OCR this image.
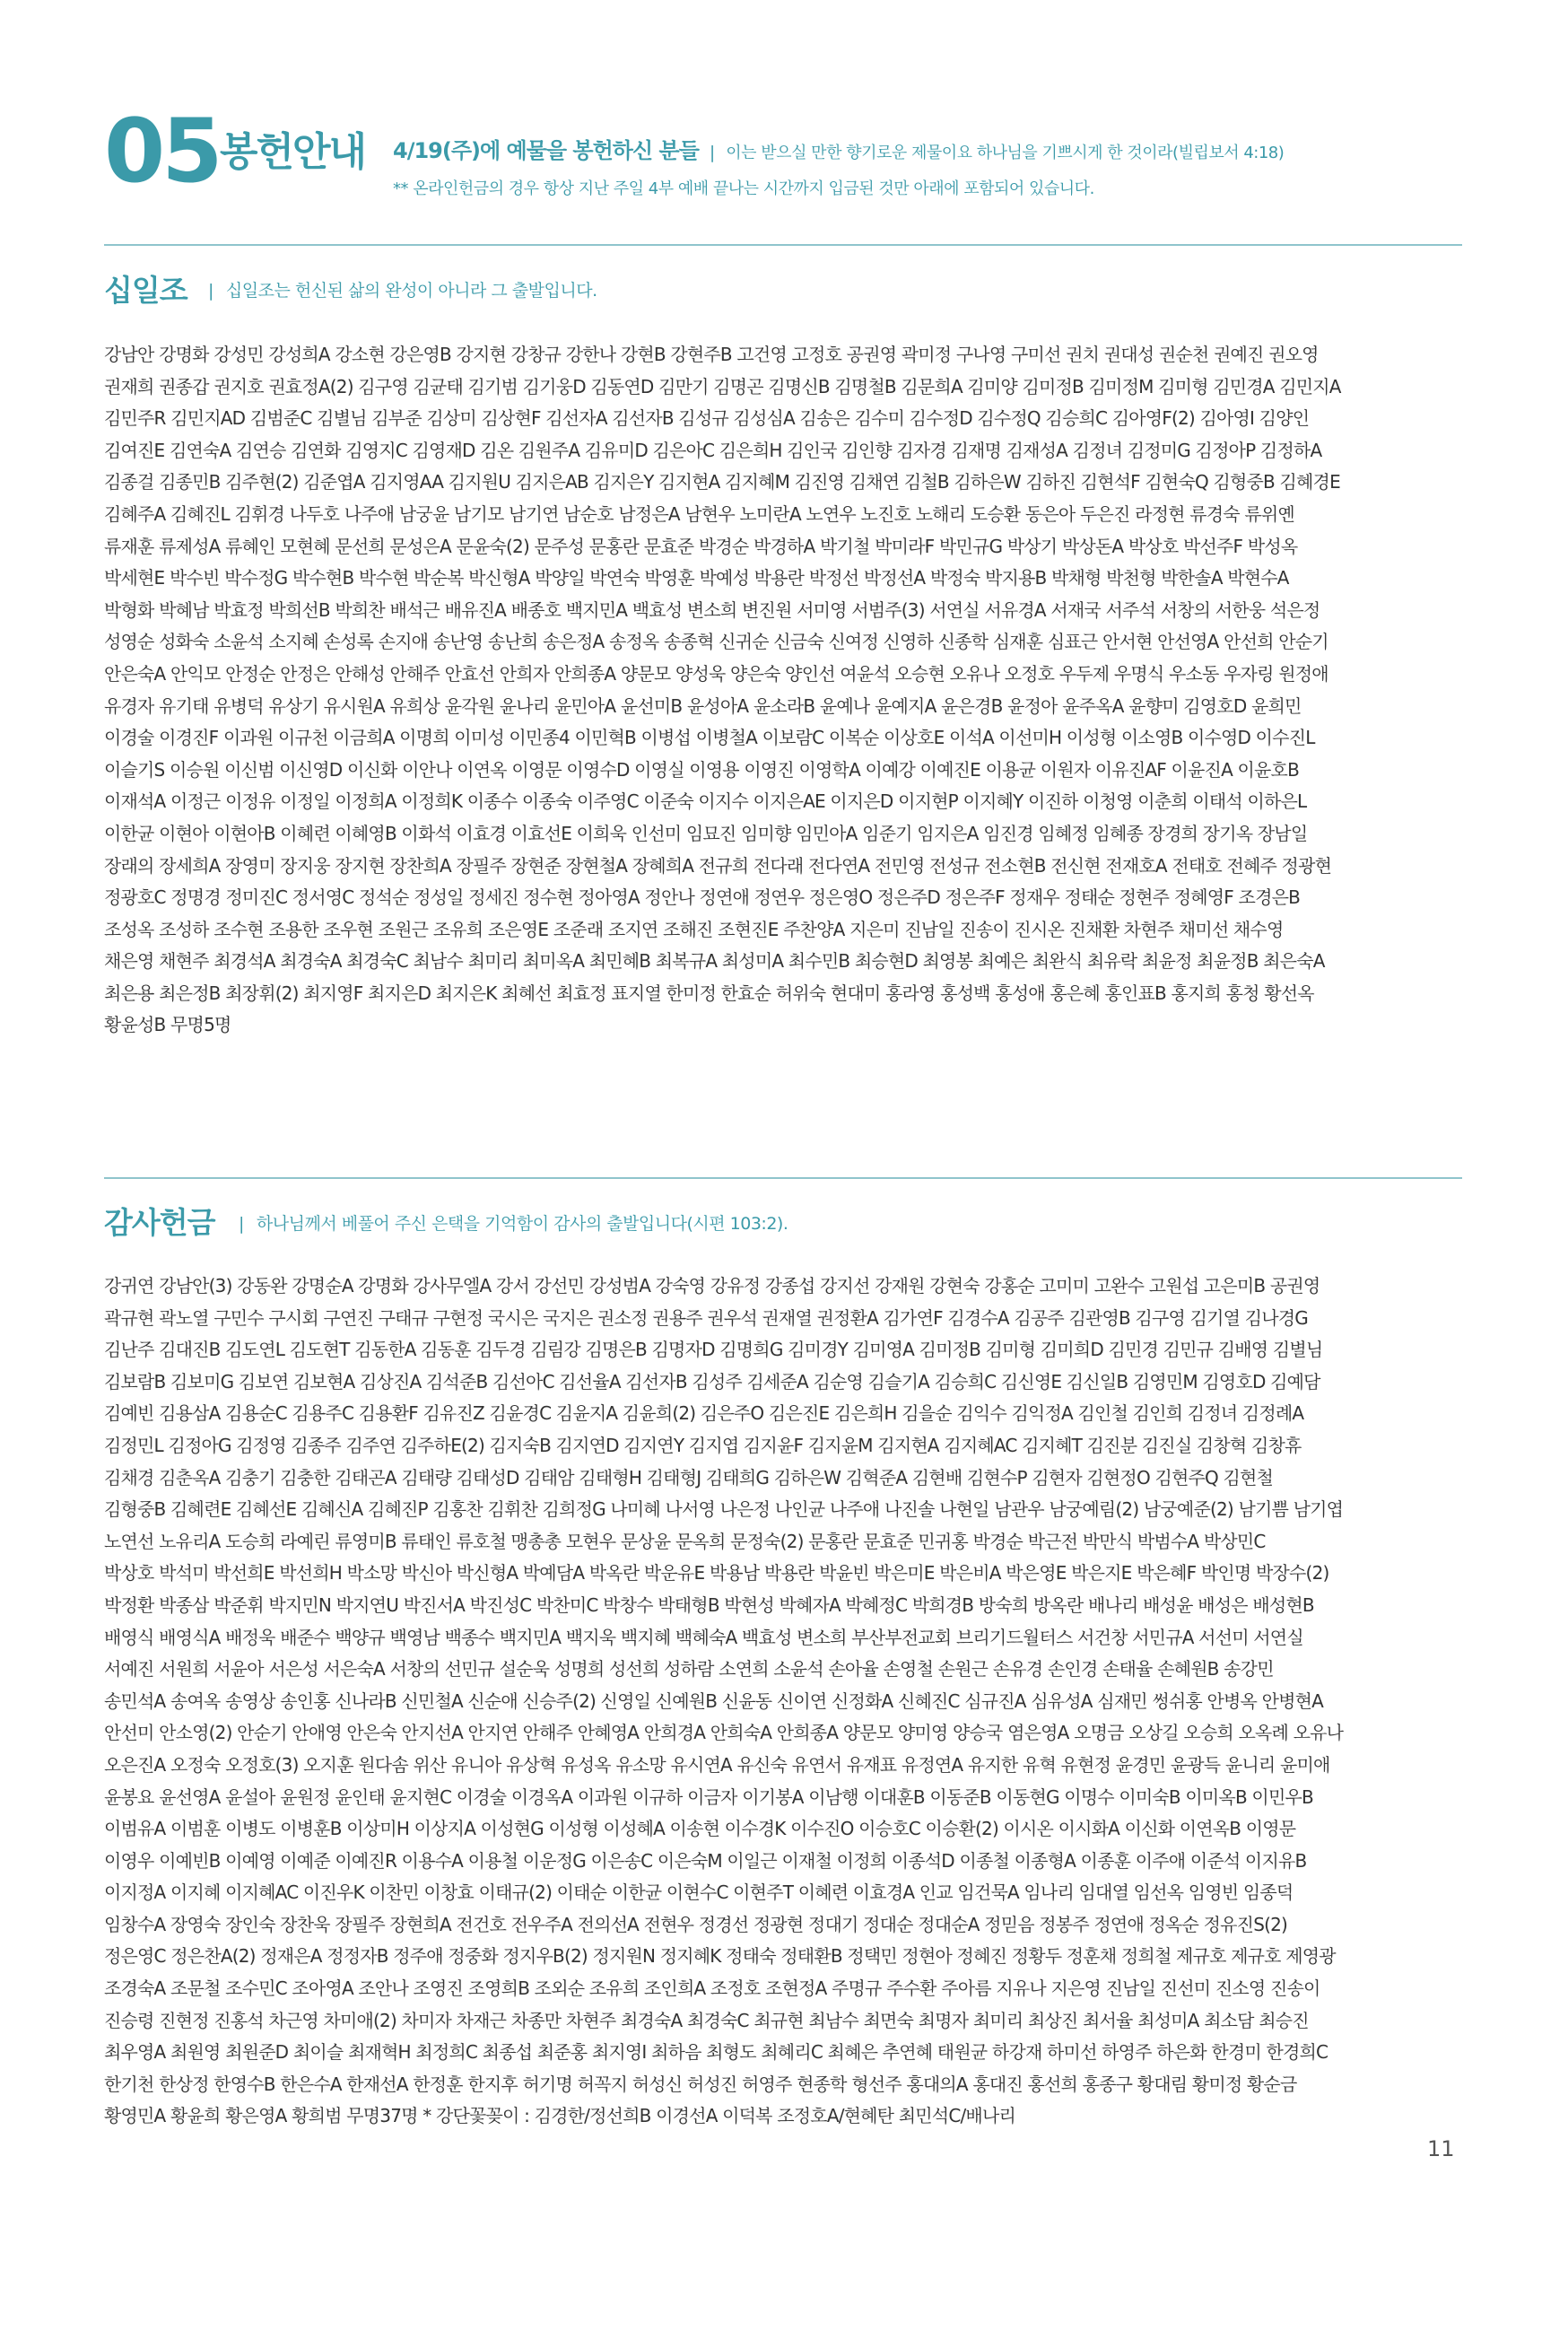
05 봉헌안내 4/19(주)에 예물을 봉헌하신 분들 | 이는 받으실 만한 향기로운 제물이요 하나님을 기쁘시게 한 것이라(빌립보서 4:18)
** 온라인헌금의 경우 항상 지난 주일 4부 예배 끝나는 시간까지 입금된 것만 아래에 포함되어 있습니다.
십일조 | 십일조는 헌신된 삶의 완성이 아니라 그 출발입니다.
강남안 강명화 강성민 강성희A 강소현 강은영B 강지현 강창규 강한나 강현B 강현주B 고건영 고정호 공권영 곽미정 구나영 구미선 권치 권대성 권순천 권예진 권오영
권재희 권종갑 권지호 권효정A(2) 김구영 김균태 김기범 김기웅D 김동연D 김만기 김명곤 김명신B 김명철B 김문희A 김미양 김미정B 김미정M 김미형 김민경A 김민지A
김민주R 김민지AD 김범준C 김별님 김부준 김상미 김상현F 김선자A 김선자B 김성규 김성심A 김송은 김수미 김수정D 김수정Q 김승희C 김아영F(2) 김아영I 김양인
김여진E 김연숙A 김연승 김연화 김영지C 김영재D 김온 김원주A 김유미D 김은아C 김은희H 김인국 김인향 김자경 김재명 김재성A 김정녀 김정미G 김정아P 김정하A
김종걸 김종민B 김주현(2) 김준엽A 김지영AA 김지원U 김지은AB 김지은Y 김지현A 김지혜M 김진영 김채연 김철B 김하은W 김하진 김현석F 김현숙Q 김형중B 김혜경E
김혜주A 김혜진L 김휘경 나두호 나주애 남궁윤 남기모 남기연 남순호 남정은A 남현우 노미란A 노연우 노진호 노해리 도승환 동은아 두은진 라정현 류경숙 류위옌
류재훈 류제성A 류혜인 모현혜 문선희 문성은A 문윤숙(2) 문주성 문홍란 문효준 박경순 박경하A 박기철 박미라F 박민규G 박상기 박상돈A 박상호 박선주F 박성옥
박세현E 박수빈 박수정G 박수현B 박수현 박순복 박신형A 박양일 박연숙 박영훈 박예성 박용란 박정선 박정선A 박정숙 박지용B 박채형 박천형 박한솔A 박현수A
박형화 박혜남 박효정 박희선B 박희찬 배석근 배유진A 배종호 백지민A 백효성 변소희 변진원 서미영 서범주(3) 서연실 서유경A 서재국 서주석 서창의 서한웅 석은정
성영순 성화숙 소윤석 소지혜 손성록 손지애 송난영 송난희 송은정A 송정옥 송종혁 신귀순 신금숙 신여정 신영하 신종학 심재훈 심표근 안서현 안선영A 안선희 안순기
안은숙A 안익모 안정순 안정은 안해성 안해주 안효선 안희자 안희종A 양문모 양성욱 양은숙 양인선 여윤석 오승현 오유나 오정호 우두제 우명식 우소동 우자링 원정애
유경자 유기태 유병덕 유상기 유시원A 유희상 윤각원 윤나리 윤민아A 윤선미B 윤성아A 윤소라B 윤예나 윤예지A 윤은경B 윤정아 윤주옥A 윤향미 김영호D 윤희민
이경술 이경진F 이과원 이규천 이금희A 이명희 이미성 이민종4 이민혁B 이병섭 이병철A 이보람C 이복순 이상호E 이석A 이선미H 이성형 이소영B 이수영D 이수진L
이슬기S 이승원 이신범 이신영D 이신화 이안나 이연옥 이영문 이영수D 이영실 이영용 이영진 이영학A 이예강 이예진E 이용균 이원자 이유진AF 이윤진A 이윤호B
이재석A 이정근 이정유 이정일 이정희A 이정희K 이종수 이종숙 이주영C 이준숙 이지수 이지은AE 이지은D 이지현P 이지혜Y 이진하 이청영 이춘희 이태석 이하은L
이한균 이현아 이현아B 이혜련 이혜영B 이화석 이효경 이효선E 이희욱 인선미 임묘진 임미향 임민아A 임준기 임지은A 임진경 임혜정 임혜종 장경희 장기옥 장남일
장래의 장세희A 장영미 장지웅 장지현 장찬희A 장필주 장현준 장현철A 장혜희A 전규희 전다래 전다연A 전민영 전성규 전소현B 전신현 전재호A 전태호 전혜주 정광현
정광호C 정명경 정미진C 정서영C 정석순 정성일 정세진 정수현 정아영A 정안나 정연애 정연우 정은영O 정은주D 정은주F 정재우 정태순 정현주 정혜영F 조경은B
조성옥 조성하 조수현 조용한 조우현 조원근 조유희 조은영E 조준래 조지연 조해진 조현진E 주찬양A 지은미 진남일 진송이 진시온 진채환 차현주 채미선 채수영
채은영 채현주 최경석A 최경숙A 최경숙C 최남수 최미리 최미옥A 최민혜B 최복규A 최성미A 최수민B 최승현D 최영봉 최예은 최완식 최유락 최윤정 최윤정B 최은숙A
최은용 최은정B 최장휘(2) 최지영F 최지은D 최지은K 최혜선 최효정 표지열 한미정 한효순 허위숙 현대미 홍라영 홍성백 홍성애 홍은혜 홍인표B 홍지희 홍청 황선옥
황윤성B 무명5명
감사헌금 | 하나님께서 베풀어 주신 은택을 기억함이 감사의 출발입니다(시편 103:2).
강귀연 강남안(3) 강동완 강명순A 강명화 강사무엘A 강서 강선민 강성범A 강숙영 강유정 강종섭 강지선 강재원 강현숙 강홍순 고미미 고완수 고원섭 고은미B 공권영
곽규현 곽노열 구민수 구시회 구연진 구태규 구현정 국시은 국지은 권소정 권용주 권우석 권재열 권정환A 김가연F 김경수A 김공주 김관영B 김구영 김기열 김나경G
김난주 김대진B 김도연L 김도현T 김동한A 김동훈 김두경 김림강 김명은B 김명자D 김명희G 김미경Y 김미영A 김미정B 김미형 김미희D 김민경 김민규 김배영 김별님
김보람B 김보미G 김보연 김보현A 김상진A 김석준B 김선아C 김선율A 김선자B 김성주 김세준A 김순영 김슬기A 김승희C 김신영E 김신일B 김영민M 김영호D 김예담
김예빈 김용삼A 김용순C 김용주C 김용환F 김유진Z 김윤경C 김윤지A 김윤희(2) 김은주O 김은진E 김은희H 김을순 김익수 김익정A 김인철 김인희 김정녀 김정례A
김정민L 김정아G 김정영 김종주 김주연 김주하E(2) 김지숙B 김지연D 김지연Y 김지엽 김지윤F 김지윤M 김지현A 김지혜AC 김지혜T 김진분 김진실 김창혁 김창휴
김채경 김춘옥A 김충기 김충한 김태곤A 김태량 김태성D 김태암 김태형H 김태형J 김태희G 김하은W 김혁준A 김현배 김현수P 김현자 김현정O 김현주Q 김현철
김형중B 김혜련E 김혜선E 김혜신A 김혜진P 김홍찬 김휘찬 김희정G 나미혜 나서영 나은정 나인균 나주애 나진솔 나현일 남관우 남궁예림(2) 남궁예준(2) 남기쁨 남기엽
노연선 노유리A 도승희 라예린 류영미B 류태인 류호철 맹총총 모현우 문상윤 문옥희 문정숙(2) 문홍란 문효준 민귀홍 박경순 박근전 박만식 박범수A 박상민C
박상호 박석미 박선희E 박선희H 박소망 박신아 박신형A 박예담A 박옥란 박운유E 박용남 박용란 박윤빈 박은미E 박은비A 박은영E 박은지E 박은혜F 박인명 박장수(2)
박정환 박종삼 박준휘 박지민N 박지연U 박진서A 박진성C 박찬미C 박창수 박태형B 박현성 박혜자A 박혜정C 박희경B 방숙희 방옥란 배나리 배성윤 배성은 배성현B
배영식 배영식A 배정욱 배준수 백양규 백영남 백종수 백지민A 백지욱 백지혜 백혜숙A 백효성 변소희 부산부전교회 브리기드월터스 서건창 서민규A 서선미 서연실
서예진 서원희 서윤아 서은성 서은숙A 서창의 선민규 설순욱 성명희 성선희 성하람 소연희 소윤석 손아율 손영철 손원근 손유경 손인경 손태율 손혜원B 송강민
송민석A 송여옥 송영상 송인홍 신나라B 신민철A 신순애 신승주(2) 신영일 신예원B 신윤동 신이연 신정화A 신혜진C 심규진A 심유성A 심재민 썽쉬홍 안병옥 안병현A
안선미 안소영(2) 안순기 안애영 안은숙 안지선A 안지연 안해주 안혜영A 안희경A 안희숙A 안희종A 양문모 양미영 양승국 염은영A 오명금 오상길 오승희 오옥례 오유나
오은진A 오정숙 오정호(3) 오지훈 원다솜 위산 유니아 유상혁 유성옥 유소망 유시연A 유신숙 유연서 유재표 유정연A 유지한 유혁 유현정 윤경민 윤광득 윤니리 윤미애
윤봉요 윤선영A 윤설아 윤원정 윤인태 윤지현C 이경술 이경옥A 이과원 이규하 이금자 이기봉A 이남행 이대훈B 이동준B 이동현G 이명수 이미숙B 이미옥B 이민우B
이범유A 이범훈 이병도 이병훈B 이상미H 이상지A 이성현G 이성형 이성혜A 이송현 이수경K 이수진O 이승호C 이승환(2) 이시온 이시화A 이신화 이연옥B 이영문
이영우 이예빈B 이예영 이예준 이예진R 이용수A 이용철 이운정G 이은송C 이은숙M 이일근 이재철 이정희 이종석D 이종철 이종형A 이종훈 이주애 이준석 이지유B
이지정A 이지혜 이지혜AC 이진우K 이찬민 이창효 이태규(2) 이태순 이한균 이현수C 이현주T 이혜련 이효경A 인교 임건묵A 임나리 임대열 임선옥 임영빈 임종덕
임창수A 장영숙 장인숙 장찬욱 장필주 장현희A 전건호 전우주A 전의선A 전현우 정경선 정광현 정대기 정대순 정대순A 정믿음 정봉주 정연애 정옥순 정유진S(2)
정은영C 정은찬A(2) 정재은A 정정자B 정주애 정중화 정지우B(2) 정지원N 정지혜K 정태숙 정태환B 정택민 정현아 정혜진 정황두 정훈채 정희철 제규호 제규호 제영광
조경숙A 조문철 조수민C 조아영A 조안나 조영진 조영희B 조외순 조유희 조인희A 조정호 조현정A 주명규 주수환 주아름 지유나 지은영 진남일 진선미 진소영 진송이
진승령 진현정 진홍석 차근영 차미애(2) 차미자 차재근 차종만 차현주 최경숙A 최경숙C 최규현 최남수 최면숙 최명자 최미리 최상진 최서율 최성미A 최소담 최승진
최우영A 최원영 최원준D 최이슬 최재혁H 최정희C 최종섭 최준홍 최지영I 최하음 최형도 최혜리C 최혜은 추연혜 태원균 하강재 하미선 하영주 하은화 한경미 한경희C
한기천 한상정 한영수B 한은수A 한재선A 한정훈 한지후 허기명 허꼭지 허성신 허성진 허영주 현종학 형선주 홍대의A 홍대진 홍선희 홍종구 황대림 황미정 황순금
황영민A 황윤희 황은영A 황희범 무명37명 * 강단꽃꽂이 : 김경한/정선희B 이경선A 이덕복 조정호A/현혜탄 최민석C/배나리
11
